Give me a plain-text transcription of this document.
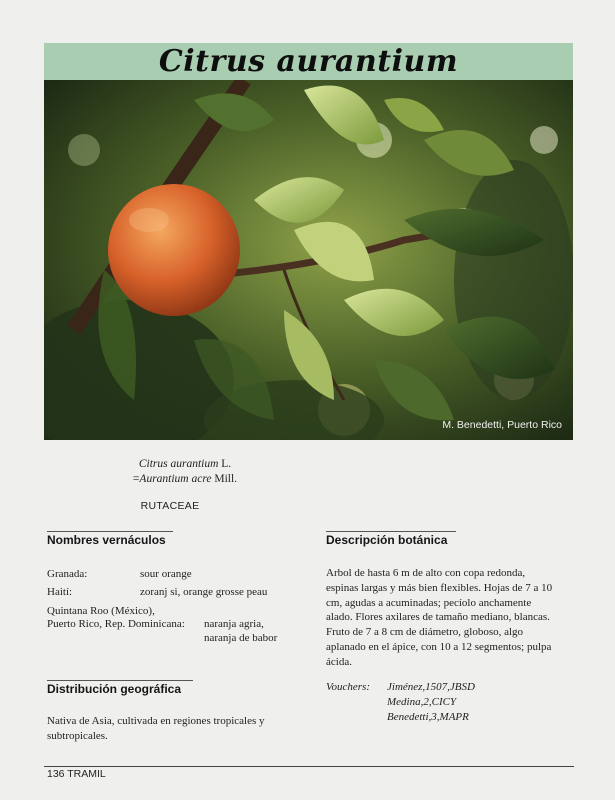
Citrus aurantium
M. Benedetti, Puerto Rico
Citrus aurantium L.
=Aurantium acre Mill.
RUTACEAE
Nombres vernáculos
Granada:	sour orange
Haití:	zoranj si, orange grosse peau
Quintana Roo (México),
Puerto Rico, Rep. Dominicana: naranja agria,
naranja de babor
Distribución geográfica
Nativa de Asia, cultivada en regiones tropicales y
subtropicales.
Descripción botánica
Arbol de hasta 6 m de alto con copa redonda,
espinas largas y más bien flexibles. Hojas de 7 a 10
cm, agudas a acuminadas; pecíolo anchamente
alado. Flores axilares de tamaño mediano, blancas.
Fruto de 7 a 8 cm de diámetro, globoso, algo
aplanado en el ápice, con 10 a 12 segmentos; pulpa
ácida.
Vouchers: Jiménez,1507,JBSD
Medina,2,CICY
Benedetti,3,MAPR
136 TRAMIL
